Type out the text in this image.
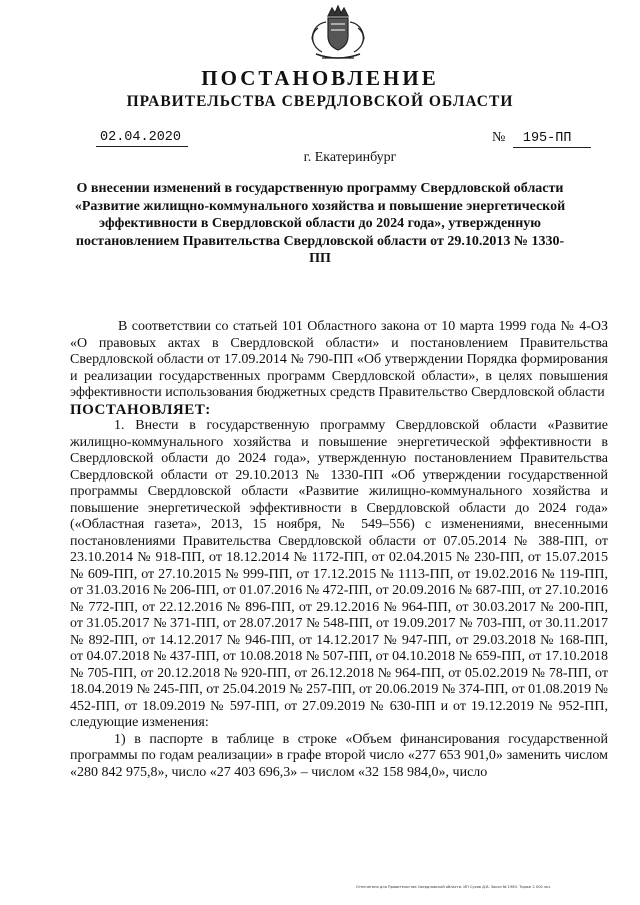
ПОСТАНОВЛЕНИЕ
ПРАВИТЕЛЬСТВА СВЕРДЛОВСКОЙ ОБЛАСТИ
02.04.2020	№ 195-ПП
г. Екатеринбург
О внесении изменений в государственную программу Свердловской области «Развитие жилищно-коммунального хозяйства и повышение энергетической эффективности в Свердловской области до 2024 года», утвержденную постановлением Правительства Свердловской области от 29.10.2013 № 1330-ПП

В соответствии со статьей 101 Областного закона от 10 марта 1999 года № 4-ОЗ «О правовых актах в Свердловской области» и постановлением Правительства Свердловской области от 17.09.2014 № 790-ПП «Об утверждении Порядка формирования и реализации государственных программ Свердловской области», в целях повышения эффективности использования бюджетных средств Правительство Свердловской области

ПОСТАНОВЛЯЕТ:

1. Внести в государственную программу Свердловской области «Развитие жилищно-коммунального хозяйства и повышение энергетической эффективности в Свердловской области до 2024 года», утвержденную постановлением Правительства Свердловской области от 29.10.2013 № 1330-ПП «Об утверждении государственной программы Свердловской области «Развитие жилищно-коммунального хозяйства и повышение энергетической эффективности в Свердловской области до 2024 года» («Областная газета», 2013, 15 ноября, № 549–556) с изменениями, внесенными постановлениями Правительства Свердловской области от 07.05.2014 № 388-ПП, от 23.10.2014 № 918-ПП, от 18.12.2014 № 1172-ПП, от 02.04.2015 № 230-ПП, от 15.07.2015 № 609-ПП, от 27.10.2015 № 999-ПП, от 17.12.2015 № 1113-ПП, от 19.02.2016 № 119-ПП, от 31.03.2016 № 206-ПП, от 01.07.2016 № 472-ПП, от 20.09.2016 № 687-ПП, от 27.10.2016 № 772-ПП, от 22.12.2016 № 896-ПП, от 29.12.2016 № 964-ПП, от 30.03.2017 № 200-ПП, от 31.05.2017 № 371-ПП, от 28.07.2017 № 548-ПП, от 19.09.2017 № 703-ПП, от 30.11.2017 № 892-ПП, от 14.12.2017 № 946-ПП, от 14.12.2017 № 947-ПП, от 29.03.2018 № 168-ПП, от 04.07.2018 № 437-ПП, от 10.08.2018 № 507-ПП, от 04.10.2018 № 659-ПП, от 17.10.2018 № 705-ПП, от 20.12.2018 № 920-ПП, от 26.12.2018 № 964-ПП, от 05.02.2019 № 78-ПП, от 18.04.2019 № 245-ПП, от 25.04.2019 № 257-ПП, от 20.06.2019 № 374-ПП, от 01.08.2019 № 452-ПП, от 18.09.2019 № 597-ПП, от 27.09.2019 № 630-ПП и от 19.12.2019 № 952-ПП, следующие изменения:

1) в паспорте в таблице в строке «Объем финансирования государственной программы по годам реализации» в графе второй число «277 653 901,0» заменить числом «280 842 975,8», число «27 403 696,3» – числом «32 158 984,0», число

Отпечатано для Правительства Свердловской области. ИП Сухов Д.В. Заказ № 1963. Тираж 2 000 экз.
